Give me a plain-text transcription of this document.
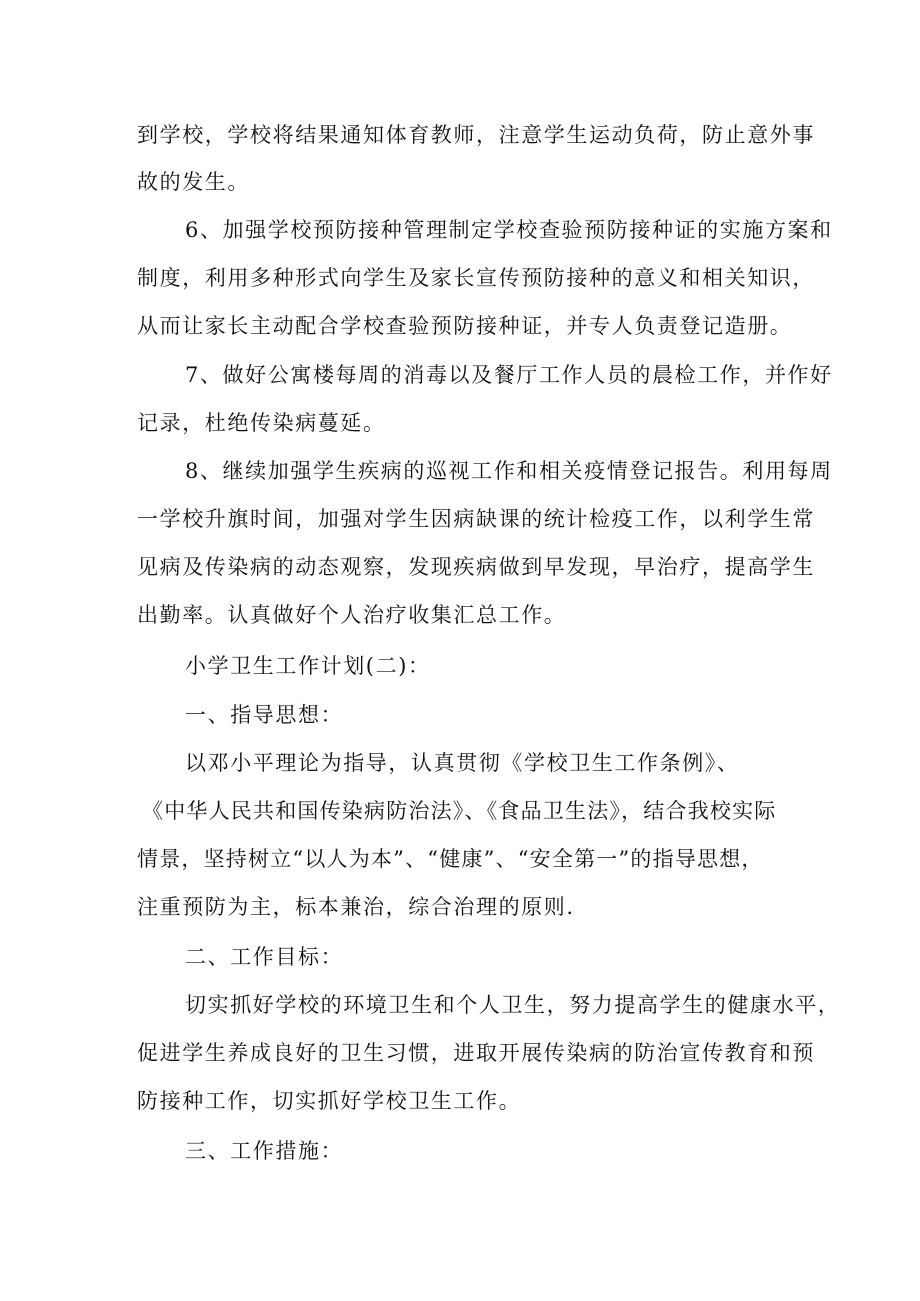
到学校，学校将结果通知体育教师，注意学生运动负荷，防止意外事
故的发生。
6、加强学校预防接种管理制定学校查验预防接种证的实施方案和
制度，利用多种形式向学生及家长宣传预防接种的意义和相关知识，
从而让家长主动配合学校查验预防接种证，并专人负责登记造册。
7、做好公寓楼每周的消毒以及餐厅工作人员的晨检工作，并作好
记录，杜绝传染病蔓延。
8、继续加强学生疾病的巡视工作和相关疫情登记报告。利用每周
一学校升旗时间，加强对学生因病缺课的统计检疫工作，以利学生常
见病及传染病的动态观察，发现疾病做到早发现，早治疗，提高学生
出勤率。认真做好个人治疗收集汇总工作。
小学卫生工作计划(二)：
一、指导思想：
以邓小平理论为指导，认真贯彻《学校卫生工作条例》、
《中华人民共和国传染病防治法》、《食品卫生法》，结合我校实际
情景，坚持树立“以人为本”、“健康”、“安全第一”的指导思想，
注重预防为主，标本兼治，综合治理的原则.
二、工作目标：
切实抓好学校的环境卫生和个人卫生，努力提高学生的健康水平，
促进学生养成良好的卫生习惯，进取开展传染病的防治宣传教育和预
防接种工作，切实抓好学校卫生工作。
三、工作措施：
